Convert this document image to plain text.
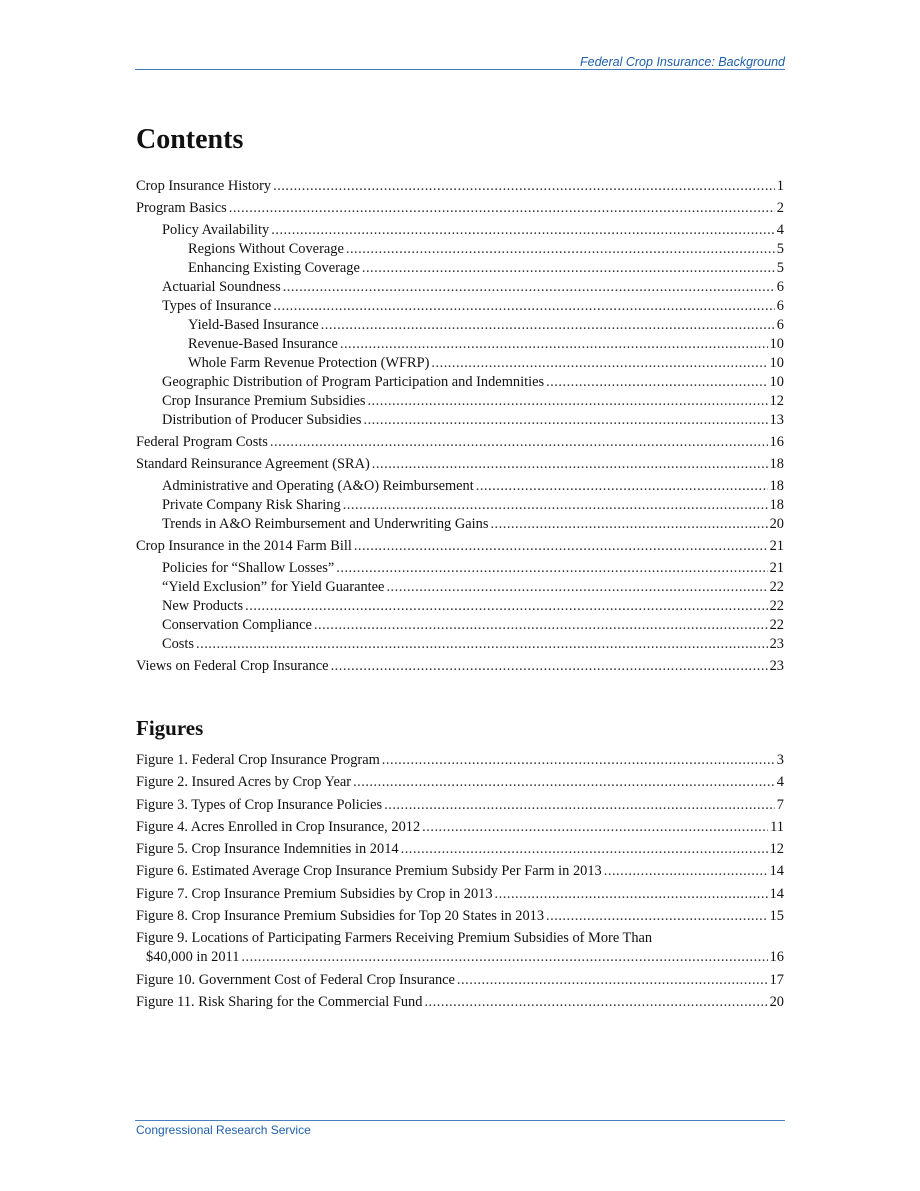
Federal Crop Insurance: Background
Contents
Crop Insurance History .....	1
Program Basics .....	2
Policy Availability .....	4
Regions Without Coverage .....	5
Enhancing Existing Coverage .....	5
Actuarial Soundness .....	6
Types of Insurance .....	6
Yield-Based Insurance .....	6
Revenue-Based Insurance .....	10
Whole Farm Revenue Protection (WFRP) .....	10
Geographic Distribution of Program Participation and Indemnities .....	10
Crop Insurance Premium Subsidies .....	12
Distribution of Producer Subsidies .....	13
Federal Program Costs .....	16
Standard Reinsurance Agreement (SRA) .....	18
Administrative and Operating (A&O) Reimbursement .....	18
Private Company Risk Sharing .....	18
Trends in A&O Reimbursement and Underwriting Gains .....	20
Crop Insurance in the 2014 Farm Bill .....	21
Policies for “Shallow Losses” .....	21
“Yield Exclusion” for Yield Guarantee .....	22
New Products .....	22
Conservation Compliance .....	22
Costs .....	23
Views on Federal Crop Insurance .....	23
Figures
Figure 1. Federal Crop Insurance Program .....	3
Figure 2. Insured Acres by Crop Year .....	4
Figure 3. Types of Crop Insurance Policies .....	7
Figure 4. Acres Enrolled in Crop Insurance, 2012 .....	11
Figure 5. Crop Insurance Indemnities in 2014 .....	12
Figure 6. Estimated Average Crop Insurance Premium Subsidy Per Farm in 2013 .....	14
Figure 7. Crop Insurance Premium Subsidies by Crop in 2013 .....	14
Figure 8. Crop Insurance Premium Subsidies for Top 20 States in 2013 .....	15
Figure 9. Locations of Participating Farmers Receiving Premium Subsidies of More Than
$40,000 in 2011 .....	16
Figure 10. Government Cost of Federal Crop Insurance .....	17
Figure 11. Risk Sharing for the Commercial Fund .....	20
Congressional Research Service
